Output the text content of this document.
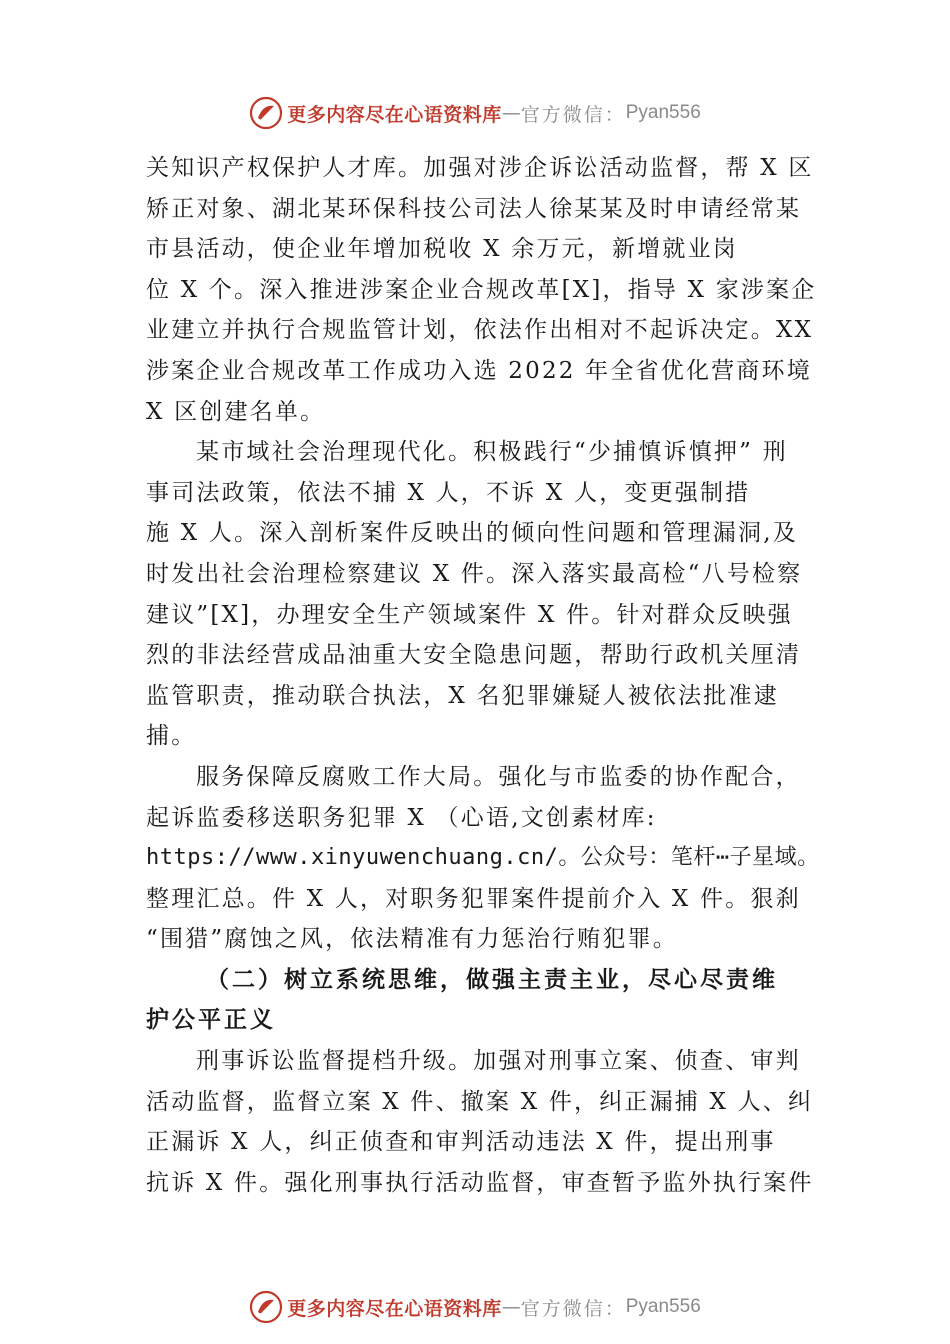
更多内容尽在心语资料库 — 官方微信： Pyan556
关知识产权保护人才库。加强对涉企诉讼活动监督，帮 X 区
矫正对象、湖北某环保科技公司法人徐某某及时申请经常某
市县活动，使企业年增加税收 X 余万元，新增就业岗
位 X 个。深入推进涉案企业合规改革[X]，指导 X 家涉案企
业建立并执行合规监管计划，依法作出相对不起诉决定。XX
涉案企业合规改革工作成功入选 2022 年全省优化营商环境
X 区创建名单。
某市域社会治理现代化。积极践行“少捕慎诉慎押” 刑
事司法政策，依法不捕 X 人，不诉 X 人，变更强制措
施 X 人。深入剖析案件反映出的倾向性问题和管理漏洞,及
时发出社会治理检察建议 X 件。深入落实最高检“八号检察
建议”[X]，办理安全生产领域案件 X 件。针对群众反映强
烈的非法经营成品油重大安全隐患问题，帮助行政机关厘清
监管职责，推动联合执法，X 名犯罪嫌疑人被依法批准逮
捕。
服务保障反腐败工作大局。强化与市监委的协作配合，
起诉监委移送职务犯罪 X （心语,文创素材库:
https://www.xinyuwenchuang.cn/。公众号：笔杆⋯子星域。
整理汇总。件 X 人，对职务犯罪案件提前介入 X 件。狠刹
“围猎”腐蚀之风，依法精准有力惩治行贿犯罪。
（二）树立系统思维，做强主责主业，尽心尽责维
护公平正义
刑事诉讼监督提档升级。加强对刑事立案、侦查、审判
活动监督，监督立案 X 件、撤案 X 件，纠正漏捕 X 人、纠
正漏诉 X 人，纠正侦查和审判活动违法 X 件，提出刑事
抗诉 X 件。强化刑事执行活动监督，审查暂予监外执行案件
更多内容尽在心语资料库 — 官方微信： Pyan556
